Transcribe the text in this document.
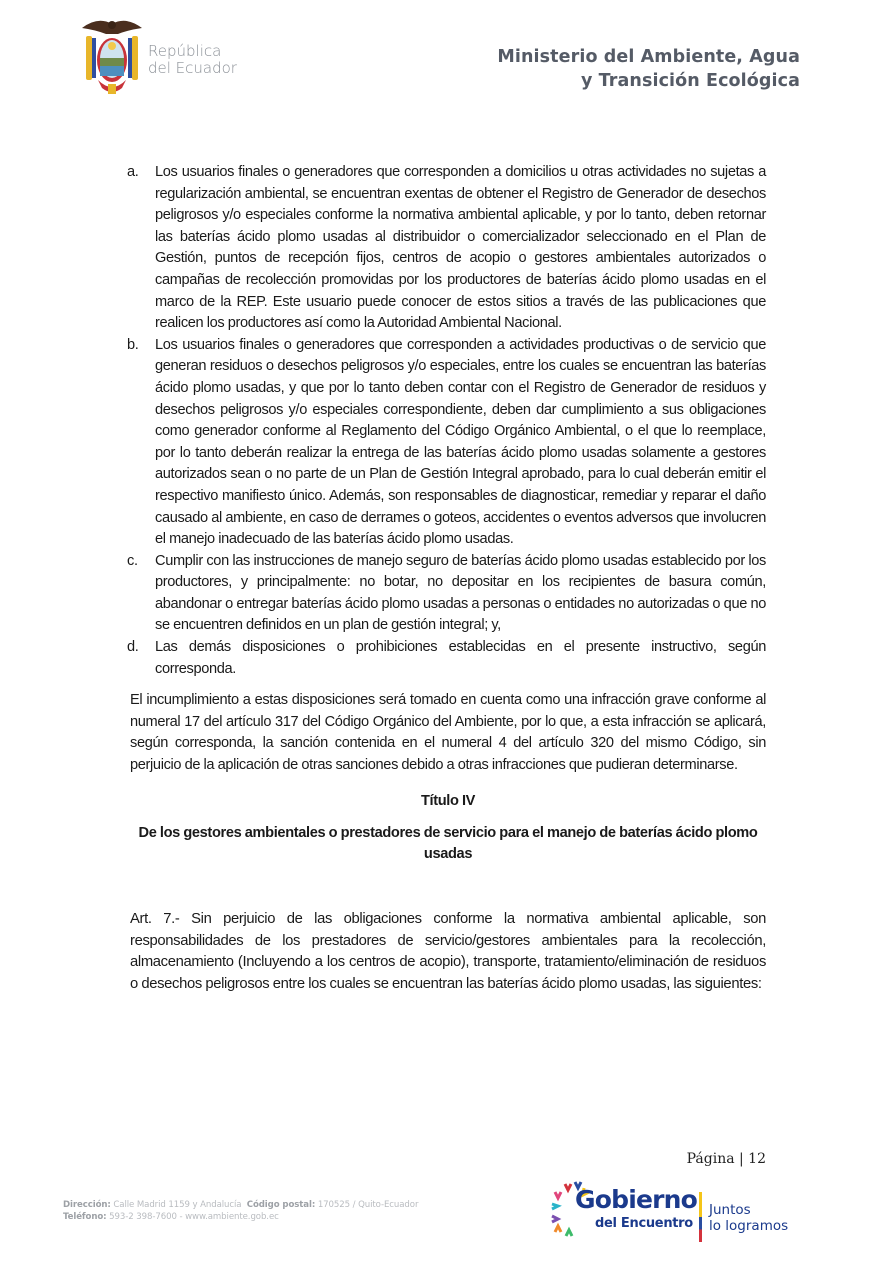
República
del Ecuador
Ministerio del Ambiente, Agua
y Transición Ecológica
a. Los usuarios finales o generadores que corresponden a domicilios u otras actividades no sujetas a regularización ambiental, se encuentran exentas de obtener el Registro de Generador de desechos peligrosos y/o especiales conforme la normativa ambiental aplicable, y por lo tanto, deben retornar las baterías ácido plomo usadas al distribuidor o comercializador seleccionado en el Plan de Gestión, puntos de recepción fijos, centros de acopio o gestores ambientales autorizados o campañas de recolección promovidas por los productores de baterías ácido plomo usadas en el marco de la REP. Este usuario puede conocer de estos sitios a través de las publicaciones que realicen los productores así como la Autoridad Ambiental Nacional.
b. Los usuarios finales o generadores que corresponden a actividades productivas o de servicio que generan residuos o desechos peligrosos y/o especiales, entre los cuales se encuentran las baterías ácido plomo usadas, y que por lo tanto deben contar con el Registro de Generador de residuos y desechos peligrosos y/o especiales correspondiente, deben dar cumplimiento a sus obligaciones como generador conforme al Reglamento del Código Orgánico Ambiental, o el que lo reemplace, por lo tanto deberán realizar la entrega de las baterías ácido plomo usadas solamente a gestores autorizados sean o no parte de un Plan de Gestión Integral aprobado, para lo cual deberán emitir el respectivo manifiesto único. Además, son responsables de diagnosticar, remediar y reparar el daño causado al ambiente, en caso de derrames o goteos, accidentes o eventos adversos que involucren el manejo inadecuado de las baterías ácido plomo usadas.
c. Cumplir con las instrucciones de manejo seguro de baterías ácido plomo usadas establecido por los productores, y principalmente: no botar, no depositar en los recipientes de basura común, abandonar o entregar baterías ácido plomo usadas a personas o entidades no autorizadas o que no se encuentren definidos en un plan de gestión integral; y,
d. Las demás disposiciones o prohibiciones establecidas en el presente instructivo, según corresponda.

El incumplimiento a estas disposiciones será tomado en cuenta como una infracción grave conforme al numeral 17 del artículo 317 del Código Orgánico del Ambiente, por lo que, a esta infracción se aplicará, según corresponda, la sanción contenida en el numeral 4 del artículo 320 del mismo Código, sin perjuicio de la aplicación de otras sanciones debido a otras infracciones que pudieran determinarse.

Título IV
De los gestores ambientales o prestadores de servicio para el manejo de baterías ácido plomo usadas

Art. 7.- Sin perjuicio de las obligaciones conforme la normativa ambiental aplicable, son responsabilidades de los prestadores de servicio/gestores ambientales para la recolección, almacenamiento (Incluyendo a los centros de acopio), transporte, tratamiento/eliminación de residuos o desechos peligrosos entre los cuales se encuentran las baterías ácido plomo usadas, las siguientes:

Página | 12
Dirección: Calle Madrid 1159 y Andalucía Código postal: 170525 / Quito-Ecuador
Teléfono: 593-2 398-7600 - www.ambiente.gob.ec
Gobierno
del Encuentro
Juntos
lo logramos
